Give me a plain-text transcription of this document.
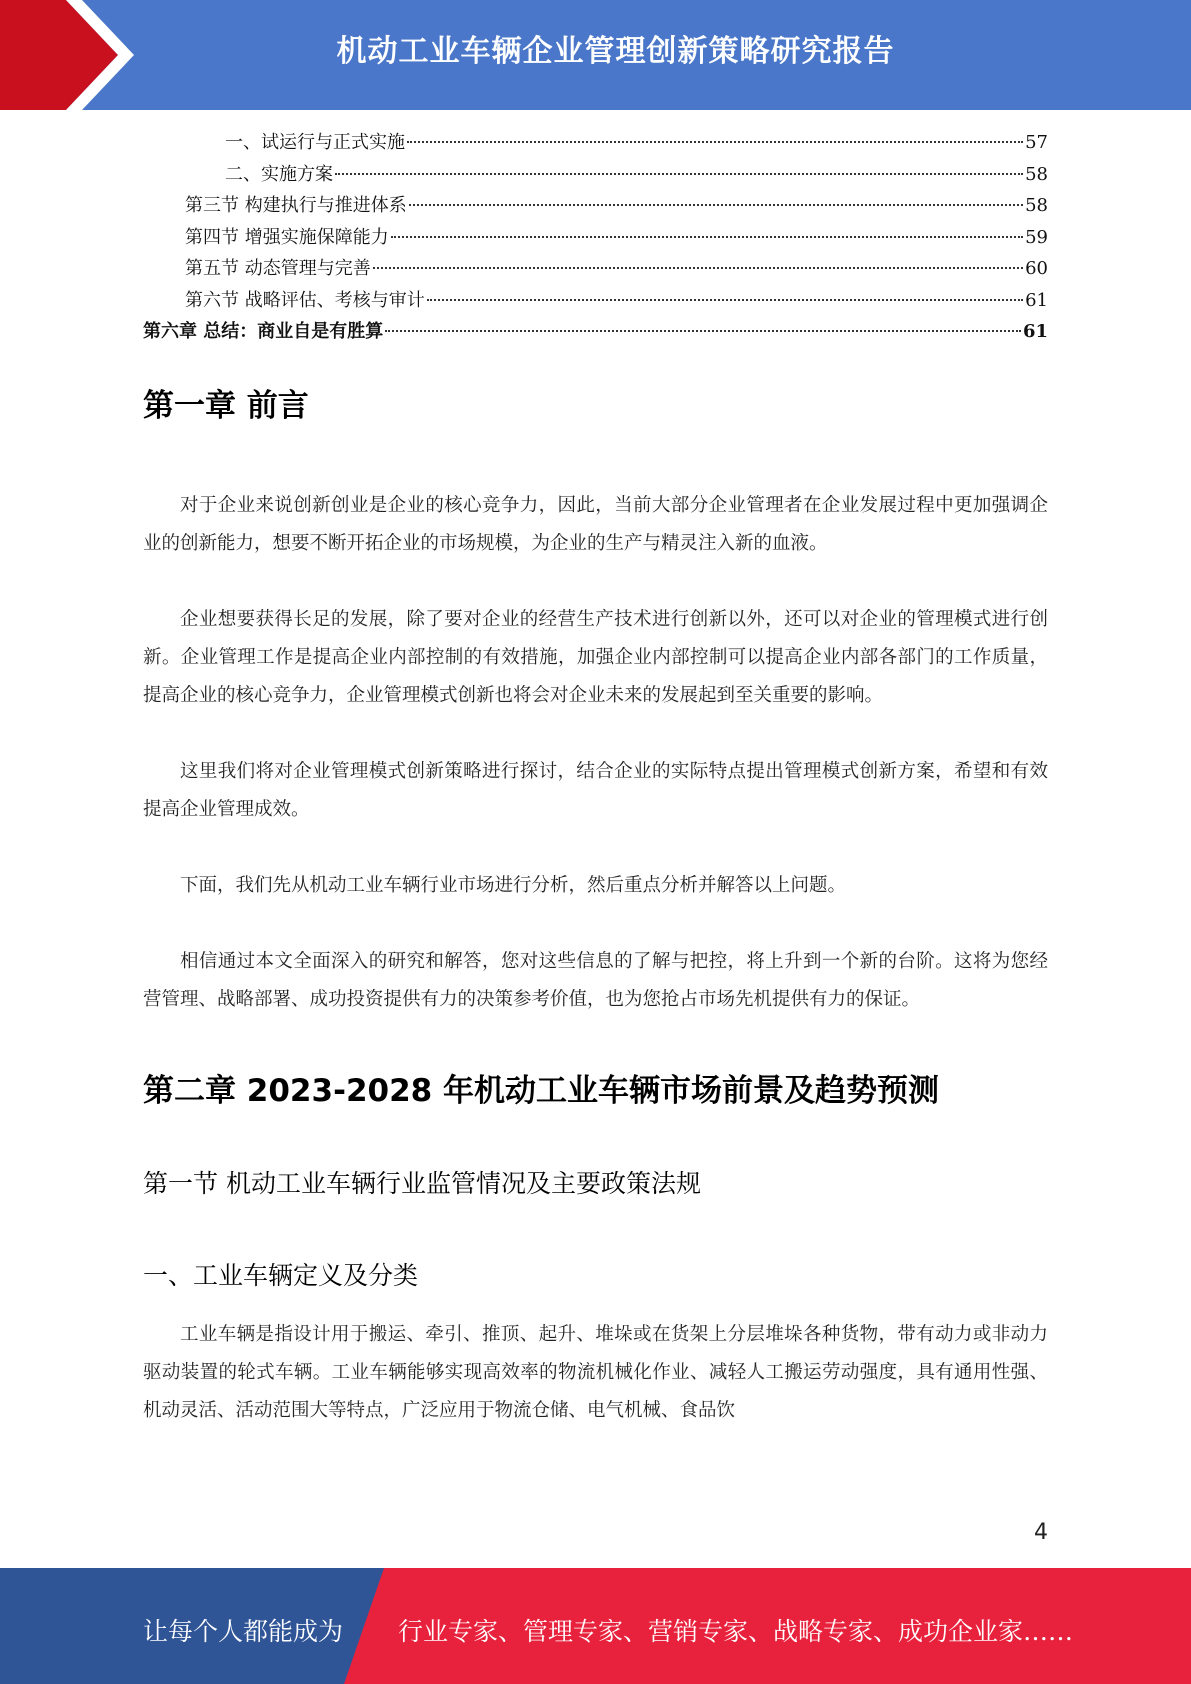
机动工业车辆企业管理创新策略研究报告
一、试运行与正式实施	57
二、实施方案	58
第三节 构建执行与推进体系	58
第四节 增强实施保障能力	59
第五节 动态管理与完善	60
第六节 战略评估、考核与审计	61
第六章 总结：商业自是有胜算	61
第一章 前言

对于企业来说创新创业是企业的核心竞争力，因此，当前大部分企业管理者在企业发展过程中更加强调企业的创新能力，想要不断开拓企业的市场规模，为企业的生产与精灵注入新的血液。

企业想要获得长足的发展，除了要对企业的经营生产技术进行创新以外，还可以对企业的管理模式进行创新。企业管理工作是提高企业内部控制的有效措施，加强企业内部控制可以提高企业内部各部门的工作质量，提高企业的核心竞争力，企业管理模式创新也将会对企业未来的发展起到至关重要的影响。

这里我们将对企业管理模式创新策略进行探讨，结合企业的实际特点提出管理模式创新方案，希望和有效提高企业管理成效。

下面，我们先从机动工业车辆行业市场进行分析，然后重点分析并解答以上问题。

相信通过本文全面深入的研究和解答，您对这些信息的了解与把控，将上升到一个新的台阶。这将为您经营管理、战略部署、成功投资提供有力的决策参考价值，也为您抢占市场先机提供有力的保证。

第二章 2023-2028 年机动工业车辆市场前景及趋势预测
第一节 机动工业车辆行业监管情况及主要政策法规
一、工业车辆定义及分类

工业车辆是指设计用于搬运、牵引、推顶、起升、堆垛或在货架上分层堆垛各种货物，带有动力或非动力驱动装置的轮式车辆。工业车辆能够实现高效率的物流机械化作业、减轻人工搬运劳动强度，具有通用性强、机动灵活、活动范围大等特点，广泛应用于物流仓储、电气机械、食品饮

4
让每个人都能成为 行业专家、管理专家、营销专家、战略专家、成功企业家……
